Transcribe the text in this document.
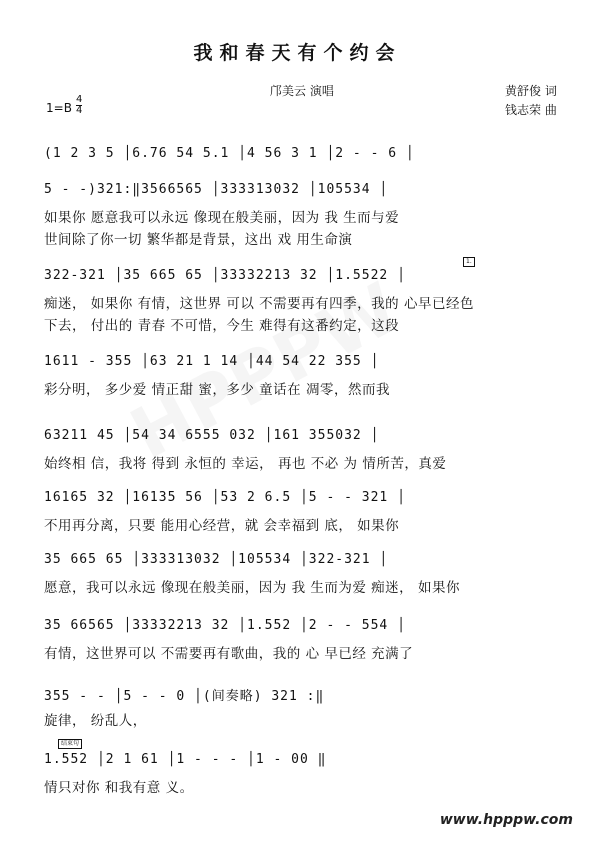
我和春天有个约会
邝美云 演唱	黄舒俊 词
钱志荣 曲
1=B
4
4
1.
结束句
(1 2 3 5 │6.76 54 5.1 │4 56 3 1 │2 - - 6 │
5 - -)321:‖3566565 │333313032 │105534 │
如果你 愿意我可以永远 像现在般美丽，因为 我 生而与爱
世间除了你一切 繁华都是背景，这出 戏 用生命演
322-321 │35 665 65 │33332213 32 │1.5522 │
痴迷， 如果你 有情，这世界 可以 不需要再有四季，我的 心早已经色
下去， 付出的 青春 不可惜，今生 难得有这番约定，这段
1611 - 355 │63 21 1 14 │44 54 22 355 │
彩分明， 多少爱 情正甜 蜜，多少 童话在 凋零，然而我
63211 45 │54 34 6555 032 │161 355032 │
始终相 信，我将 得到 永恒的 幸运， 再也 不必 为 情所苦，真爱
16165 32 │16135 56 │53 2 6.5 │5 - - 321 │
不用再分离，只要 能用心经营，就 会幸福到 底， 如果你
35 665 65 │333313032 │105534 │322-321 │
愿意，我可以永远 像现在般美丽，因为 我 生而为爱 痴迷， 如果你
35 66565 │33332213 32 │1.552 │2 - - 554 │
有情，这世界可以 不需要再有歌曲，我的 心 早已经 充满了
355 - - │5 - - 0 │(间奏略) 321 :‖
旋律， 纷乱人，
1.552 │2 1 61 │1 - - - │1 - 00 ‖
情只对你 和我有意 义。
www.hpppw.com
